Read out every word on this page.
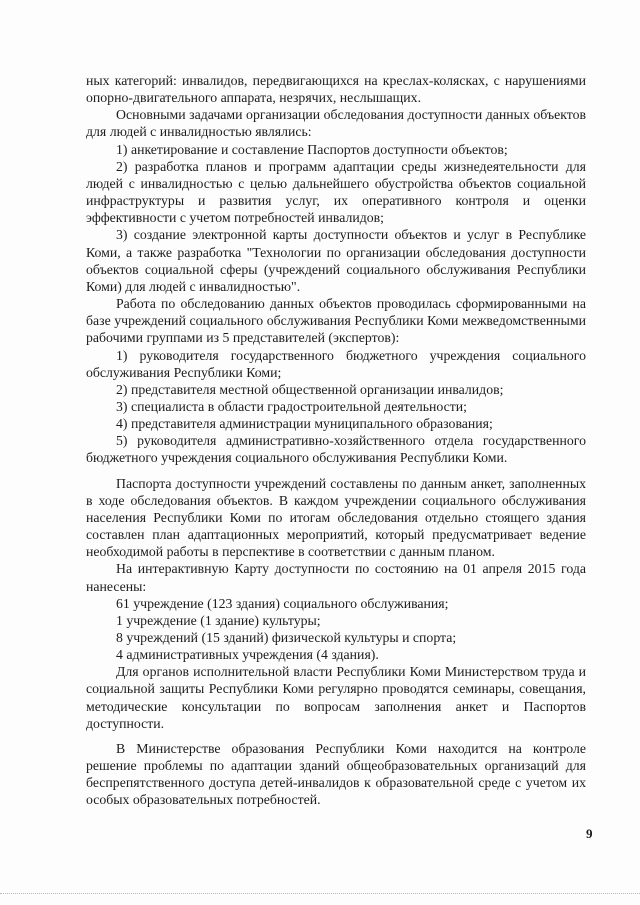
ных категорий: инвалидов, передвигающихся на креслах-колясках, с нарушениями опорно-двигательного аппарата, незрячих, неслышащих.

Основными задачами организации обследования доступности данных объектов для людей с инвалидностью являлись:

1) анкетирование и составление Паспортов доступности объектов;

2) разработка планов и программ адаптации среды жизнедеятельности для людей с инвалидностью с целью дальнейшего обустройства объектов социальной инфраструктуры и развития услуг, их оперативного контроля и оценки эффективности с учетом потребностей инвалидов;

3) создание электронной карты доступности объектов и услуг в Республике Коми, а также разработка "Технологии по организации обследования доступности объектов социальной сферы (учреждений социального обслуживания Республики Коми) для людей с инвалидностью".

Работа по обследованию данных объектов проводилась сформированными на базе учреждений социального обслуживания Республики Коми межведомственными рабочими группами из 5 представителей (экспертов):

1) руководителя государственного бюджетного учреждения социального обслуживания Республики Коми;

2) представителя местной общественной организации инвалидов;

3) специалиста в области градостроительной деятельности;

4) представителя администрации муниципального образования;

5) руководителя административно-хозяйственного отдела государственного бюджетного учреждения социального обслуживания Республики Коми.

Паспорта доступности учреждений составлены по данным анкет, заполненных в ходе обследования объектов. В каждом учреждении социального обслуживания населения Республики Коми по итогам обследования отдельно стоящего здания составлен план адаптационных мероприятий, который предусматривает ведение необходимой работы в перспективе в соответствии с данным планом.

На интерактивную Карту доступности по состоянию на 01 апреля 2015 года нанесены:

61 учреждение (123 здания) социального обслуживания;

1 учреждение (1 здание) культуры;

8 учреждений (15 зданий) физической культуры и спорта;

4 административных учреждения (4 здания).

Для органов исполнительной власти Республики Коми Министерством труда и социальной защиты Республики Коми регулярно проводятся семинары, совещания, методические консультации по вопросам заполнения анкет и Паспортов доступности.

В Министерстве образования Республики Коми находится на контроле решение проблемы по адаптации зданий общеобразовательных организаций для беспрепятственного доступа детей-инвалидов к образовательной среде с учетом их особых образовательных потребностей.

9
